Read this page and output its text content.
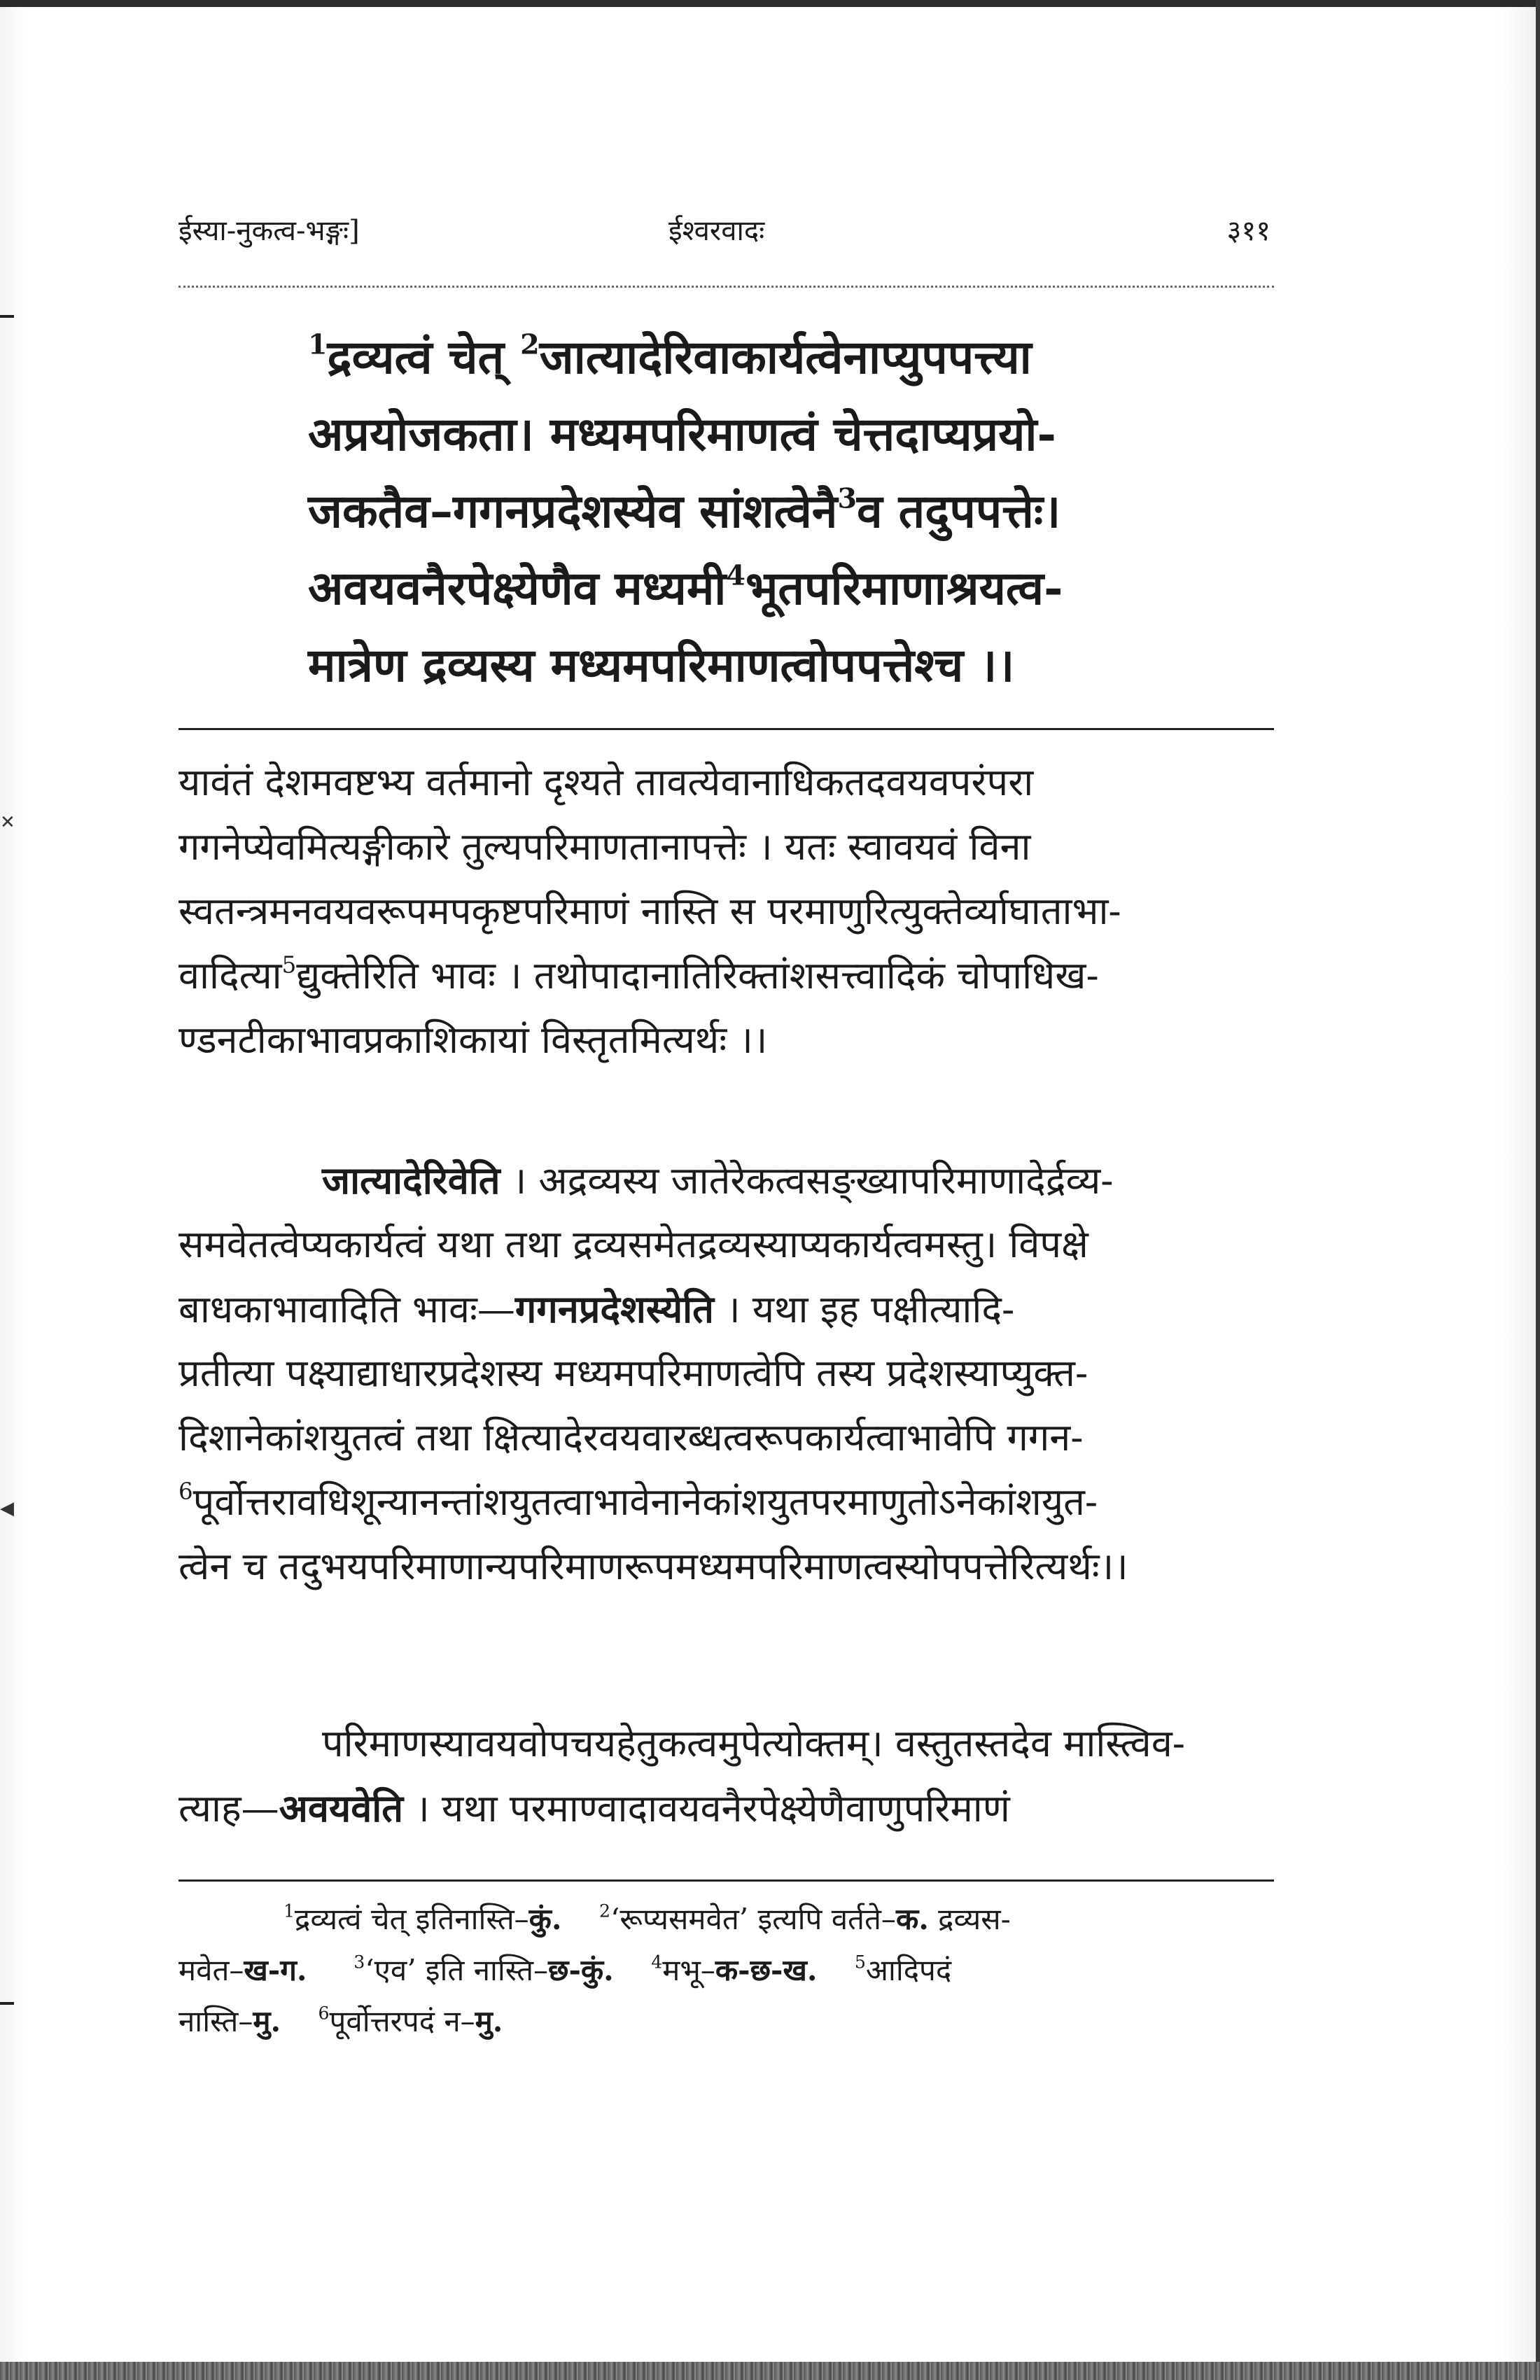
✕
◀
ईस्या-नुकत्व-भङ्गः]	ईश्वरवादः	३११
$^1$द्रव्यत्वं चेत् $^2$जात्यादेरिवाकार्यत्वेनाप्युपपत्त्या
अप्रयोजकता। मध्यमपरिमाणत्वं चेत्तदाप्यप्रयो-
जकतैव–गगनप्रदेशस्येव सांशत्वेनै$^3$व तदुपपत्तेः।
अवयवनैरपेक्ष्येणैव मध्यमी$^4$भूतपरिमाणाश्रयत्व-
मात्रेण द्रव्यस्य मध्यमपरिमाणत्वोपपत्तेश्च ।।
यावंतं देशमवष्टभ्य वर्तमानो दृश्यते तावत्येवानाधिकतदवयवपरंपरा
गगनेप्येवमित्यङ्गीकारे तुल्यपरिमाणतानापत्तेः । यतः स्वावयवं विना
स्वतन्त्रमनवयवरूपमपकृष्टपरिमाणं नास्ति स परमाणुरित्युक्तेर्व्याघाताभा-
वादित्या$^5$द्युक्तेरिति भावः । तथोपादानातिरिक्तांशसत्त्वादिकं चोपाधिख-
ण्डनटीकाभावप्रकाशिकायां विस्तृतमित्यर्थः ।।
जात्यादेरिवेति । अद्रव्यस्य जातेरेकत्वसङ्ख्यापरिमाणादेर्द्रव्य-
समवेतत्वेप्यकार्यत्वं यथा तथा द्रव्यसमेतद्रव्यस्याप्यकार्यत्वमस्तु। विपक्षे
बाधकाभावादिति भावः—गगनप्रदेशस्येति । यथा इह पक्षीत्यादि-
प्रतीत्या पक्ष्याद्याधारप्रदेशस्य मध्यमपरिमाणत्वेपि तस्य प्रदेशस्याप्युक्त-
दिशानेकांशयुतत्वं तथा क्षित्यादेरवयवारब्धत्वरूपकार्यत्वाभावेपि गगन-
$^6$पूर्वोत्तरावधिशून्यानन्तांशयुतत्वाभावेनानेकांशयुतपरमाणुतोऽनेकांशयुत-
त्वेन च तदुभयपरिमाणान्यपरिमाणरूपमध्यमपरिमाणत्वस्योपपत्तेरित्यर्थः।।
परिमाणस्यावयवोपचयहेतुकत्वमुपेत्योक्तम्। वस्तुतस्तदेव मास्त्विव-
त्याह—अवयवेति । यथा परमाण्वादावयवनैरपेक्ष्येणैवाणुपरिमाणं
$^1$द्रव्यत्वं चेत् इतिनास्ति–कुं. $^2$‘रूप्यसमवेत’ इत्यपि वर्तते–क. द्रव्यस-
मवेत–ख-ग.	$^3$‘एव’ इति नास्ति–छ-कुं. $^4$मभू–क-छ-ख. $^5$आदिपदं
नास्ति–मु. $^6$पूर्वोत्तरपदं न–मु.
